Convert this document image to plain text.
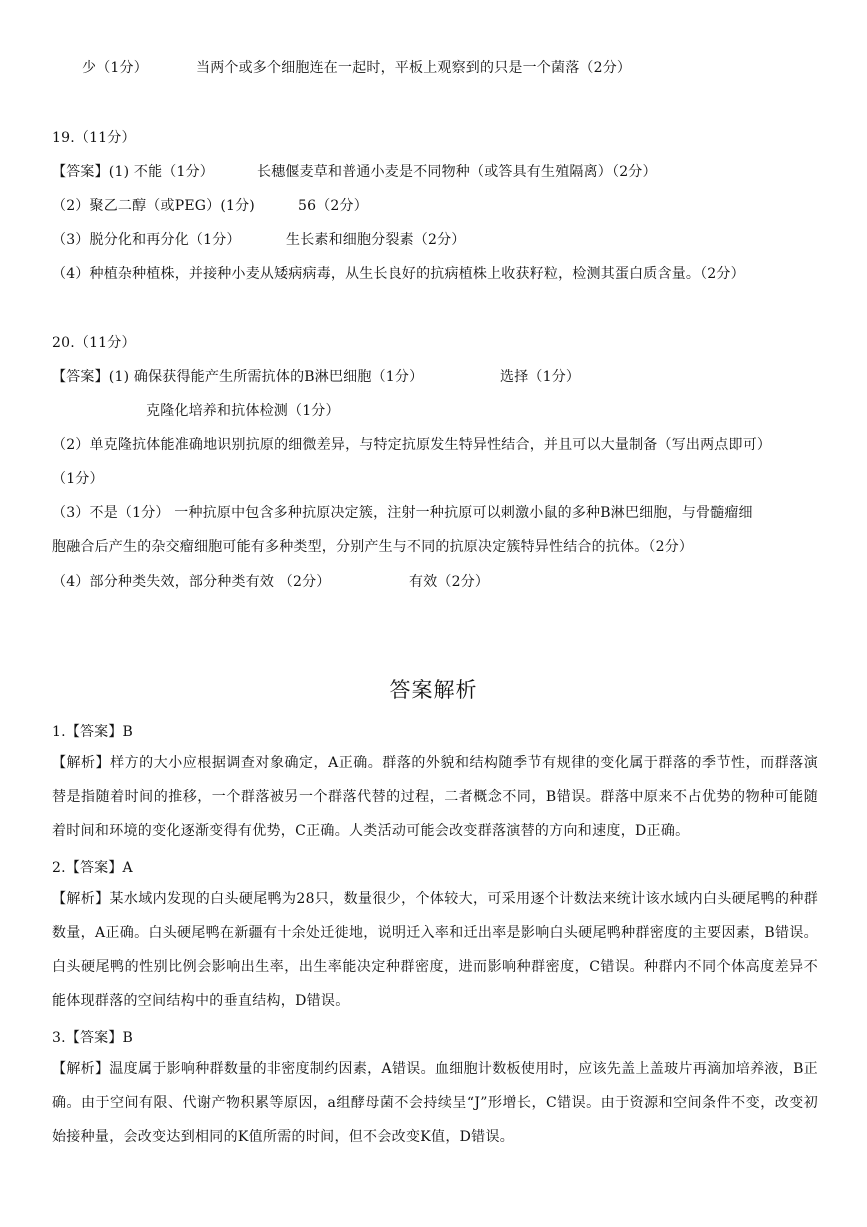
少（1分）	当两个或多个细胞连在一起时，平板上观察到的只是一个菌落（2分）
19.（11分）
【答案】(1) 不能（1分）	长穗偃麦草和普通小麦是不同物种（或答具有生殖隔离）（2分）
（2）聚乙二醇（或PEG）(1分)	56（2分）
（3）脱分化和再分化（1分）	生长素和细胞分裂素（2分）
（4）种植杂种植株，并接种小麦从矮病病毒，从生长良好的抗病植株上收获籽粒，检测其蛋白质含量。（2分）
20.（11分）
【答案】(1) 确保获得能产生所需抗体的B淋巴细胞（1分）	选择（1分）
克隆化培养和抗体检测（1分）
（2）单克隆抗体能准确地识别抗原的细微差异，与特定抗原发生特异性结合，并且可以大量制备（写出两点即可）
（1分）
（3）不是（1分） 一种抗原中包含多种抗原决定簇，注射一种抗原可以刺激小鼠的多种B淋巴细胞，与骨髓瘤细
胞融合后产生的杂交瘤细胞可能有多种类型，分别产生与不同的抗原决定簇特异性结合的抗体。（2分）
（4）部分种类失效，部分种类有效 （2分）	有效（2分）
答案解析
1.【答案】B
【解析】样方的大小应根据调查对象确定，A正确。群落的外貌和结构随季节有规律的变化属于群落的季节性，而群落演替是指随着时间的推移，一个群落被另一个群落代替的过程，二者概念不同，B错误。群落中原来不占优势的物种可能随着时间和环境的变化逐渐变得有优势，C正确。人类活动可能会改变群落演替的方向和速度，D正确。
2.【答案】A
【解析】某水域内发现的白头硬尾鸭为28只，数量很少，个体较大，可采用逐个计数法来统计该水域内白头硬尾鸭的种群数量，A正确。白头硬尾鸭在新疆有十余处迁徙地，说明迁入率和迁出率是影响白头硬尾鸭种群密度的主要因素，B错误。白头硬尾鸭的性别比例会影响出生率，出生率能决定种群密度，进而影响种群密度，C错误。种群内不同个体高度差异不能体现群落的空间结构中的垂直结构，D错误。
3.【答案】B
【解析】温度属于影响种群数量的非密度制约因素，A错误。血细胞计数板使用时，应该先盖上盖玻片再滴加培养液，B正确。由于空间有限、代谢产物积累等原因，a组酵母菌不会持续呈“J”形增长，C错误。由于资源和空间条件不变，改变初始接种量，会改变达到相同的K值所需的时间，但不会改变K值，D错误。
